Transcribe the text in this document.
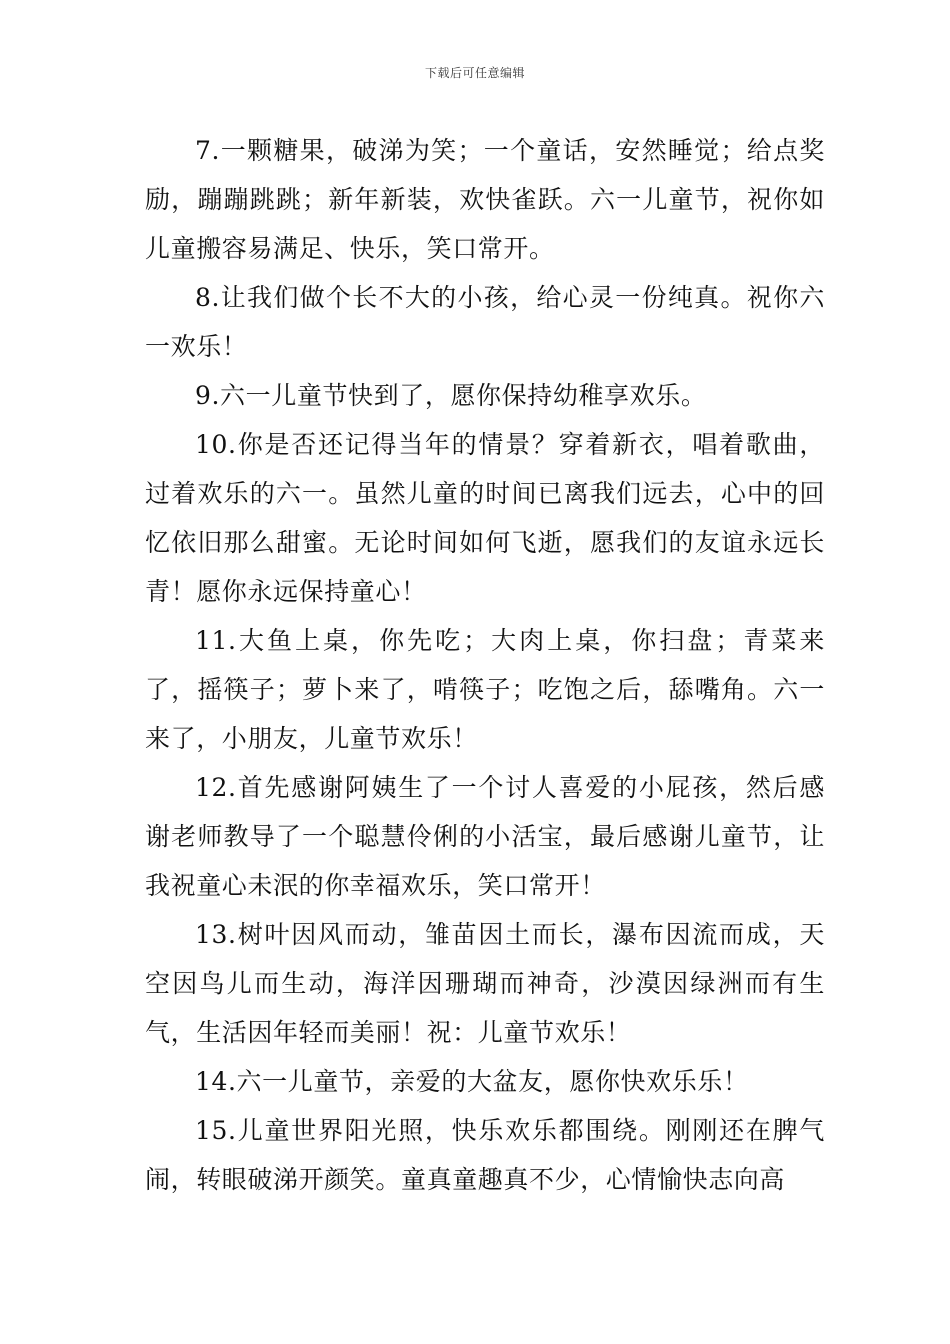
下载后可任意编辑

7.一颗糖果，破涕为笑；一个童话，安然睡觉；给点奖励，蹦蹦跳跳；新年新装，欢快雀跃。六一儿童节，祝你如儿童搬容易满足、快乐，笑口常开。

8.让我们做个长不大的小孩，给心灵一份纯真。祝你六一欢乐！

9.六一儿童节快到了，愿你保持幼稚享欢乐。

10.你是否还记得当年的情景？穿着新衣，唱着歌曲，过着欢乐的六一。虽然儿童的时间已离我们远去，心中的回忆依旧那么甜蜜。无论时间如何飞逝，愿我们的友谊永远长青！愿你永远保持童心！

11.大鱼上桌，你先吃；大肉上桌，你扫盘；青菜来了，摇筷子；萝卜来了，啃筷子；吃饱之后，舔嘴角。六一来了，小朋友，儿童节欢乐！

12.首先感谢阿姨生了一个讨人喜爱的小屁孩，然后感谢老师教导了一个聪慧伶俐的小活宝，最后感谢儿童节，让我祝童心未泯的你幸福欢乐，笑口常开！

13.树叶因风而动，雏苗因土而长，瀑布因流而成，天空因鸟儿而生动，海洋因珊瑚而神奇，沙漠因绿洲而有生气，生活因年轻而美丽！祝：儿童节欢乐！

14.六一儿童节，亲爱的大盆友，愿你快欢乐乐！

15.儿童世界阳光照，快乐欢乐都围绕。刚刚还在脾气闹，转眼破涕开颜笑。童真童趣真不少，心情愉快志向高
